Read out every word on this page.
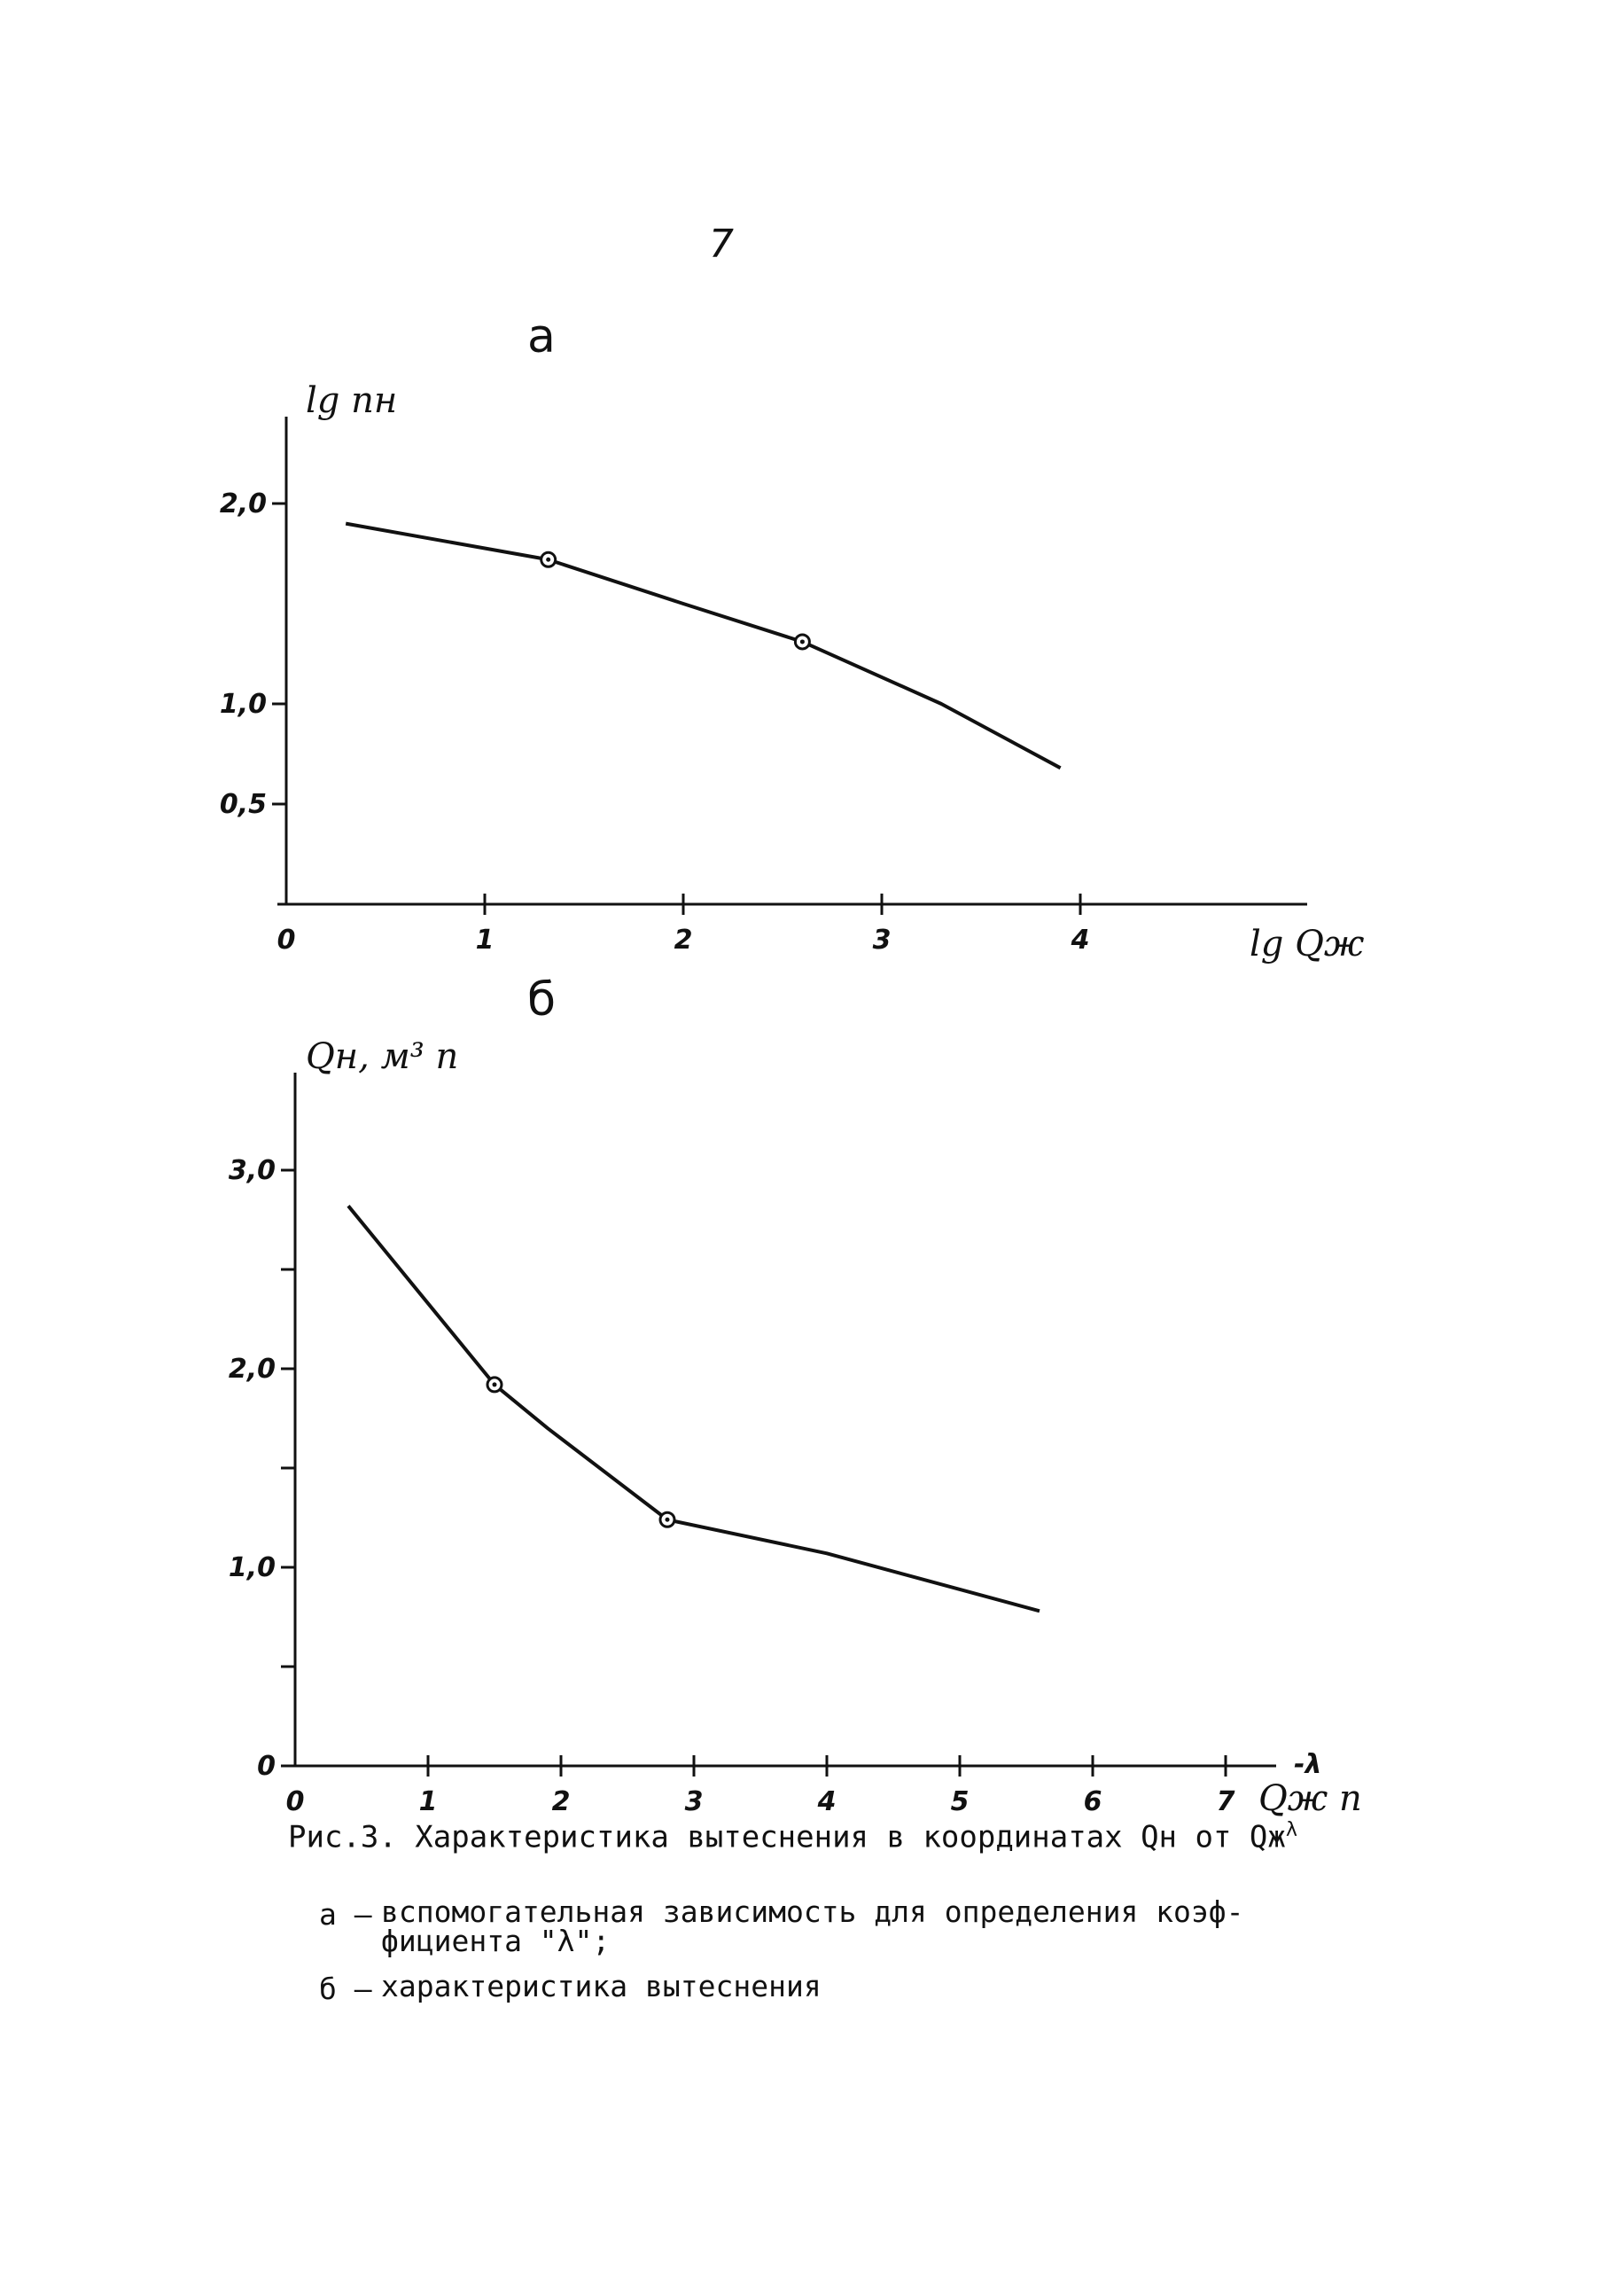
7
а
б
0,5
1,0
2,0
0	1	2	3	4
lg nн
lg Qж
0
1,0
2,0
3,0
0	1	2	3	4	5	6	7
Qн, м³ п
Qж п
-λ
Рис.3. Характеристика вытеснения в координатах Qн от $Qж^\lambda$
а – вспомогательная зависимость для определения коэф-
фициента "λ";
б – характеристика вытеснения
